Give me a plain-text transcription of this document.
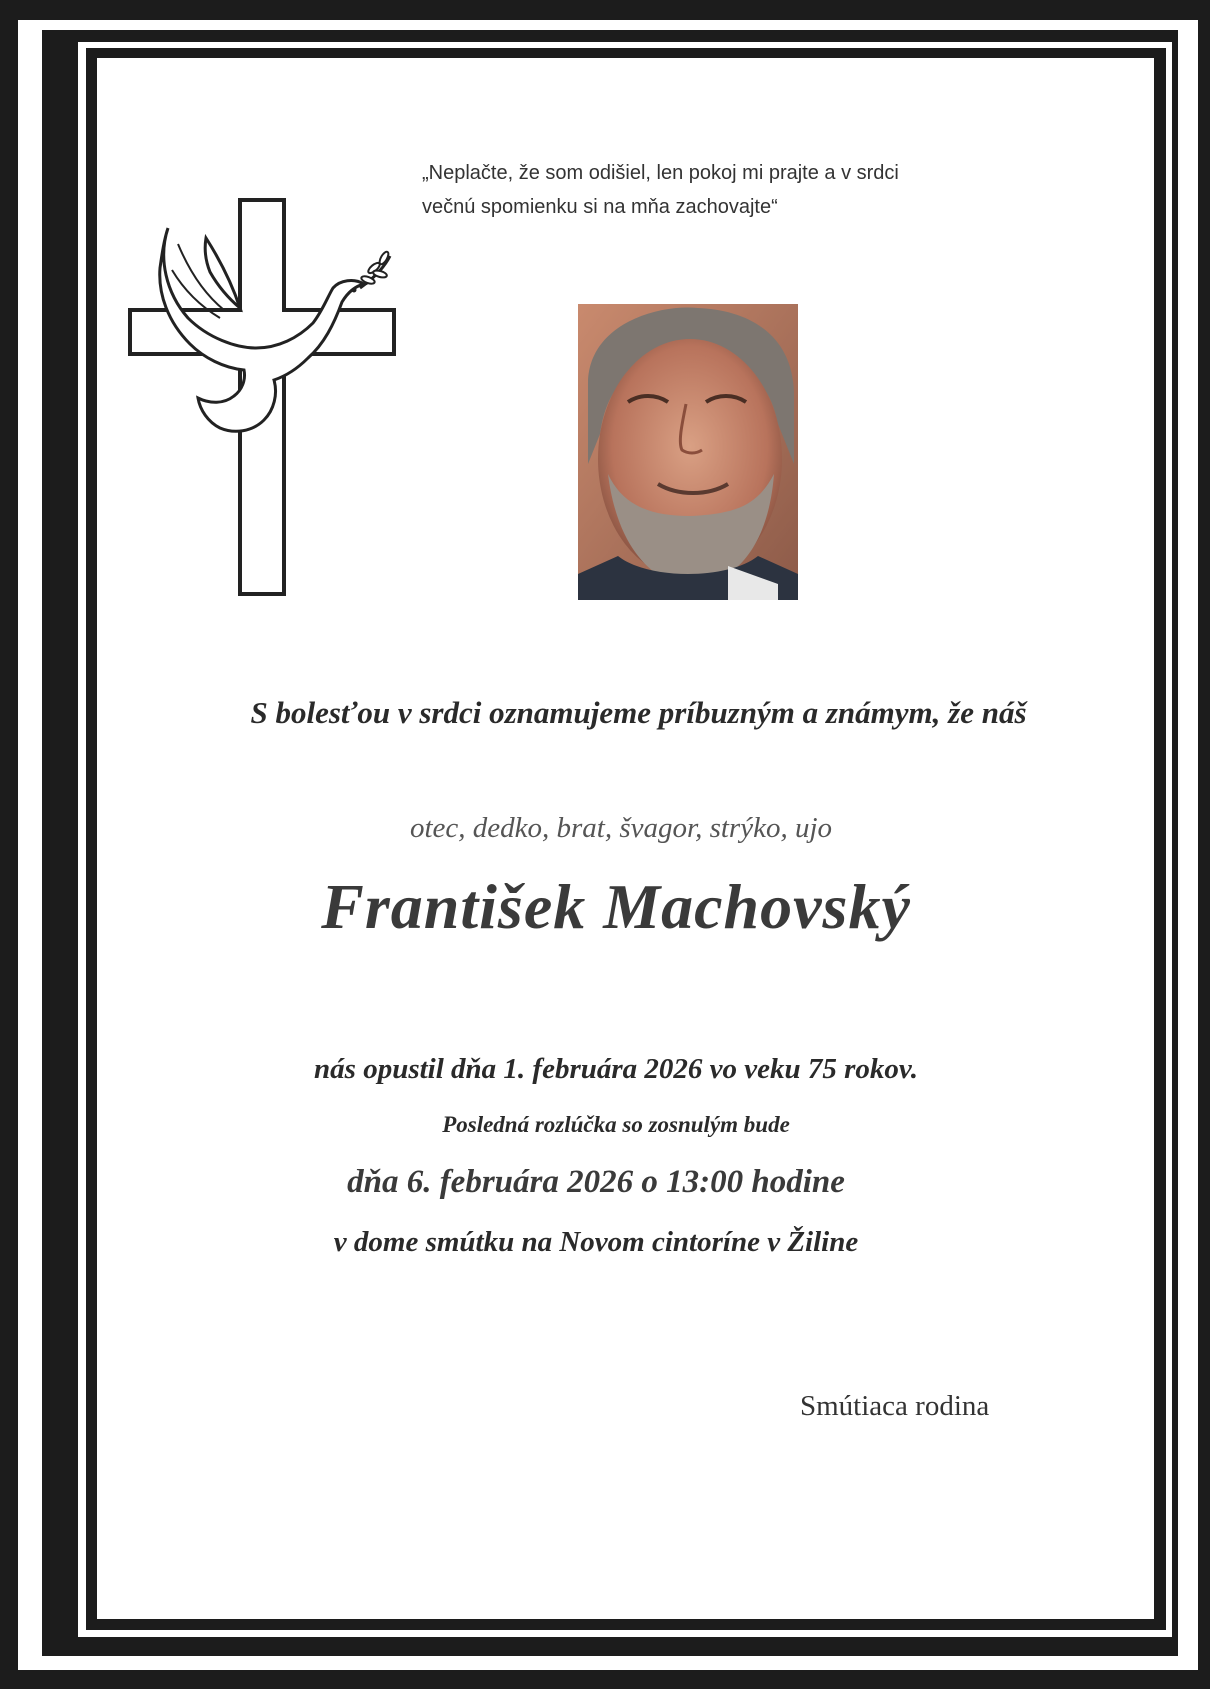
„Neplačte, že som odišiel, len pokoj mi prajte a v srdci
večnú spomienku si na mňa zachovajte“
S bolesťou v srdci oznamujeme príbuzným a známym, že náš
otec, dedko, brat, švagor, strýko, ujo
František Machovský
nás opustil dňa 1. februára 2026 vo veku 75 rokov.
Posledná rozlúčka so zosnulým bude
dňa 6. februára 2026 o 13:00 hodine
v dome smútku na Novom cintoríne v Žiline
Smútiaca rodina
